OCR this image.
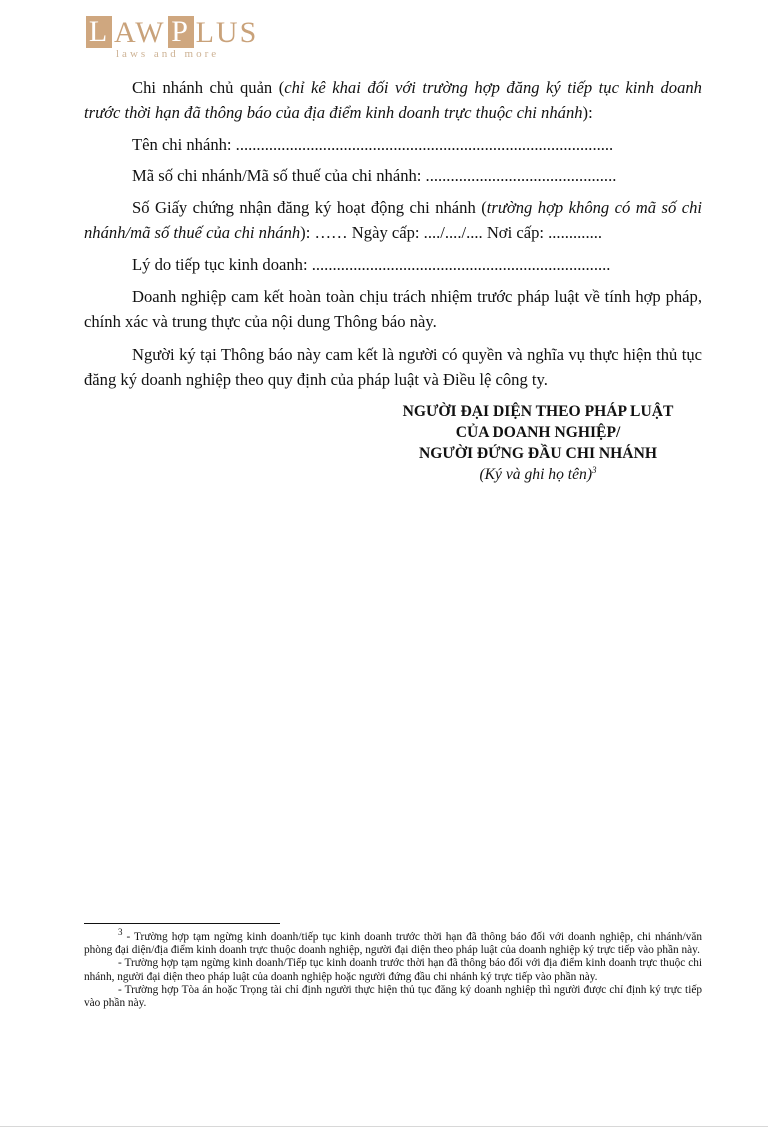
L AW P LUS
laws and more

Chi nhánh chủ quản (chỉ kê khai đối với trường hợp đăng ký tiếp tục kinh doanh trước thời hạn đã thông báo của địa điểm kinh doanh trực thuộc chi nhánh):

Tên chi nhánh: ...........................................................................................

Mã số chi nhánh/Mã số thuế của chi nhánh: ..............................................

Số Giấy chứng nhận đăng ký hoạt động chi nhánh (trường hợp không có mã số chi nhánh/mã số thuế của chi nhánh): …… Ngày cấp: ..../..../.... Nơi cấp: .............

Lý do tiếp tục kinh doanh: ........................................................................

Doanh nghiệp cam kết hoàn toàn chịu trách nhiệm trước pháp luật về tính hợp pháp, chính xác và trung thực của nội dung Thông báo này.

Người ký tại Thông báo này cam kết là người có quyền và nghĩa vụ thực hiện thủ tục đăng ký doanh nghiệp theo quy định của pháp luật và Điều lệ công ty.

NGƯỜI ĐẠI DIỆN THEO PHÁP LUẬT
CỦA DOANH NGHIỆP/
NGƯỜI ĐỨNG ĐẦU CHI NHÁNH
(Ký và ghi họ tên)$^3$

$^3$ - Trường hợp tạm ngừng kinh doanh/tiếp tục kinh doanh trước thời hạn đã thông báo đối với doanh nghiệp, chi nhánh/văn phòng đại diện/địa điểm kinh doanh trực thuộc doanh nghiệp, người đại diện theo pháp luật của doanh nghiệp ký trực tiếp vào phần này.

- Trường hợp tạm ngừng kinh doanh/Tiếp tục kinh doanh trước thời hạn đã thông báo đối với địa điểm kinh doanh trực thuộc chi nhánh, người đại diện theo pháp luật của doanh nghiệp hoặc người đứng đầu chi nhánh ký trực tiếp vào phần này.

- Trường hợp Tòa án hoặc Trọng tài chỉ định người thực hiện thủ tục đăng ký doanh nghiệp thì người được chỉ định ký trực tiếp vào phần này.
